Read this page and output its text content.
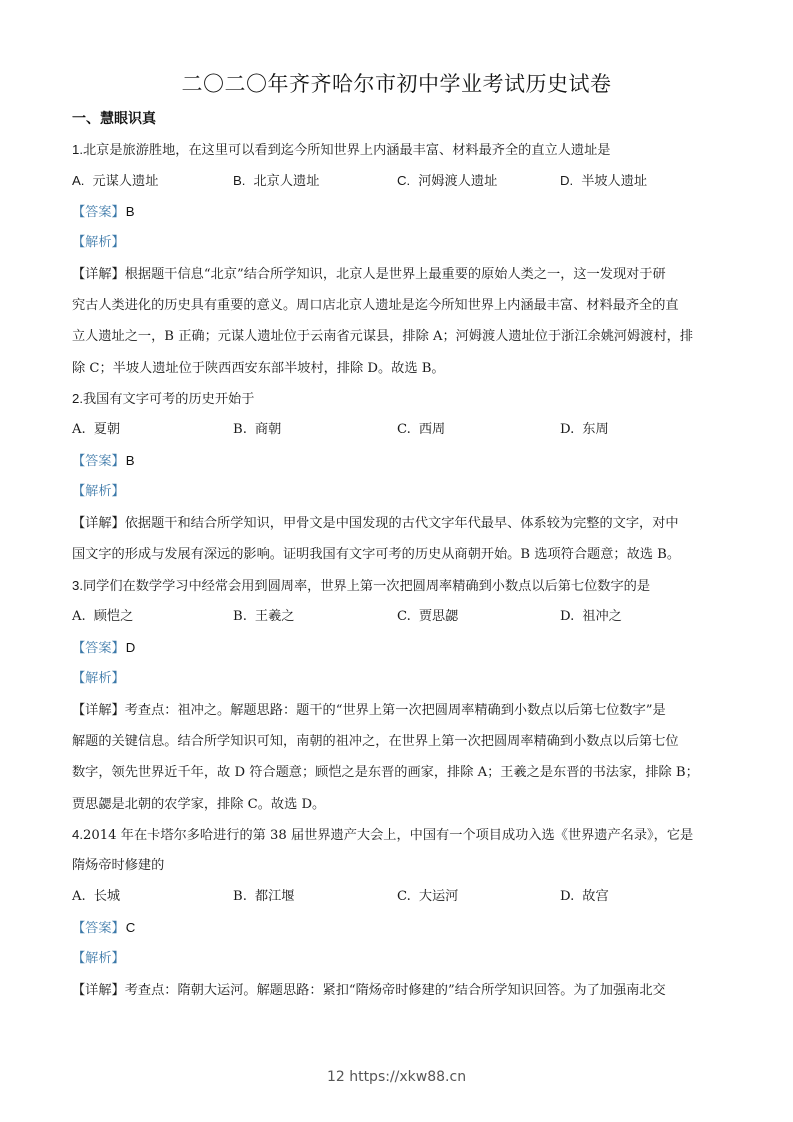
二〇二〇年齐齐哈尔市初中学业考试历史试卷
一、慧眼识真
1.北京是旅游胜地，在这里可以看到迄今所知世界上内涵最丰富、材料最齐全的直立人遗址是
A. 元谋人遗址	B. 北京人遗址	C. 河姆渡人遗址	D. 半坡人遗址
【答案】B
【解析】
【详解】根据题干信息“北京”结合所学知识，北京人是世界上最重要的原始人类之一，这一发现对于研
究古人类进化的历史具有重要的意义。周口店北京人遗址是迄今所知世界上内涵最丰富、材料最齐全的直
立人遗址之一，B 正确；元谋人遗址位于云南省元谋县，排除 A；河姆渡人遗址位于浙江余姚河姆渡村，排
除 C；半坡人遗址位于陕西西安东部半坡村，排除 D。故选 B。
2.我国有文字可考的历史开始于
A. 夏朝	B. 商朝	C. 西周	D. 东周
【答案】B
【解析】
【详解】依据题干和结合所学知识，甲骨文是中国发现的古代文字年代最早、体系较为完整的文字，对中
国文字的形成与发展有深远的影响。证明我国有文字可考的历史从商朝开始。B 选项符合题意；故选 B。
3.同学们在数学学习中经常会用到圆周率，世界上第一次把圆周率精确到小数点以后第七位数字的是
A. 顾恺之	B. 王羲之	C. 贾思勰	D. 祖冲之
【答案】D
【解析】
【详解】考查点：祖冲之。解题思路：题干的“世界上第一次把圆周率精确到小数点以后第七位数字”是
解题的关键信息。结合所学知识可知，南朝的祖冲之，在世界上第一次把圆周率精确到小数点以后第七位
数字，领先世界近千年，故 D 符合题意；顾恺之是东晋的画家，排除 A；王羲之是东晋的书法家，排除 B；
贾思勰是北朝的农学家，排除 C。故选 D。
4.2014 年在卡塔尔多哈进行的第 38 届世界遗产大会上，中国有一个项目成功入选《世界遗产名录》，它是
隋炀帝时修建的
A. 长城	B. 都江堰	C. 大运河	D. 故宫
【答案】C
【解析】
【详解】考查点：隋朝大运河。解题思路：紧扣“隋炀帝时修建的”结合所学知识回答。为了加强南北交
12 https://xkw88.cn
